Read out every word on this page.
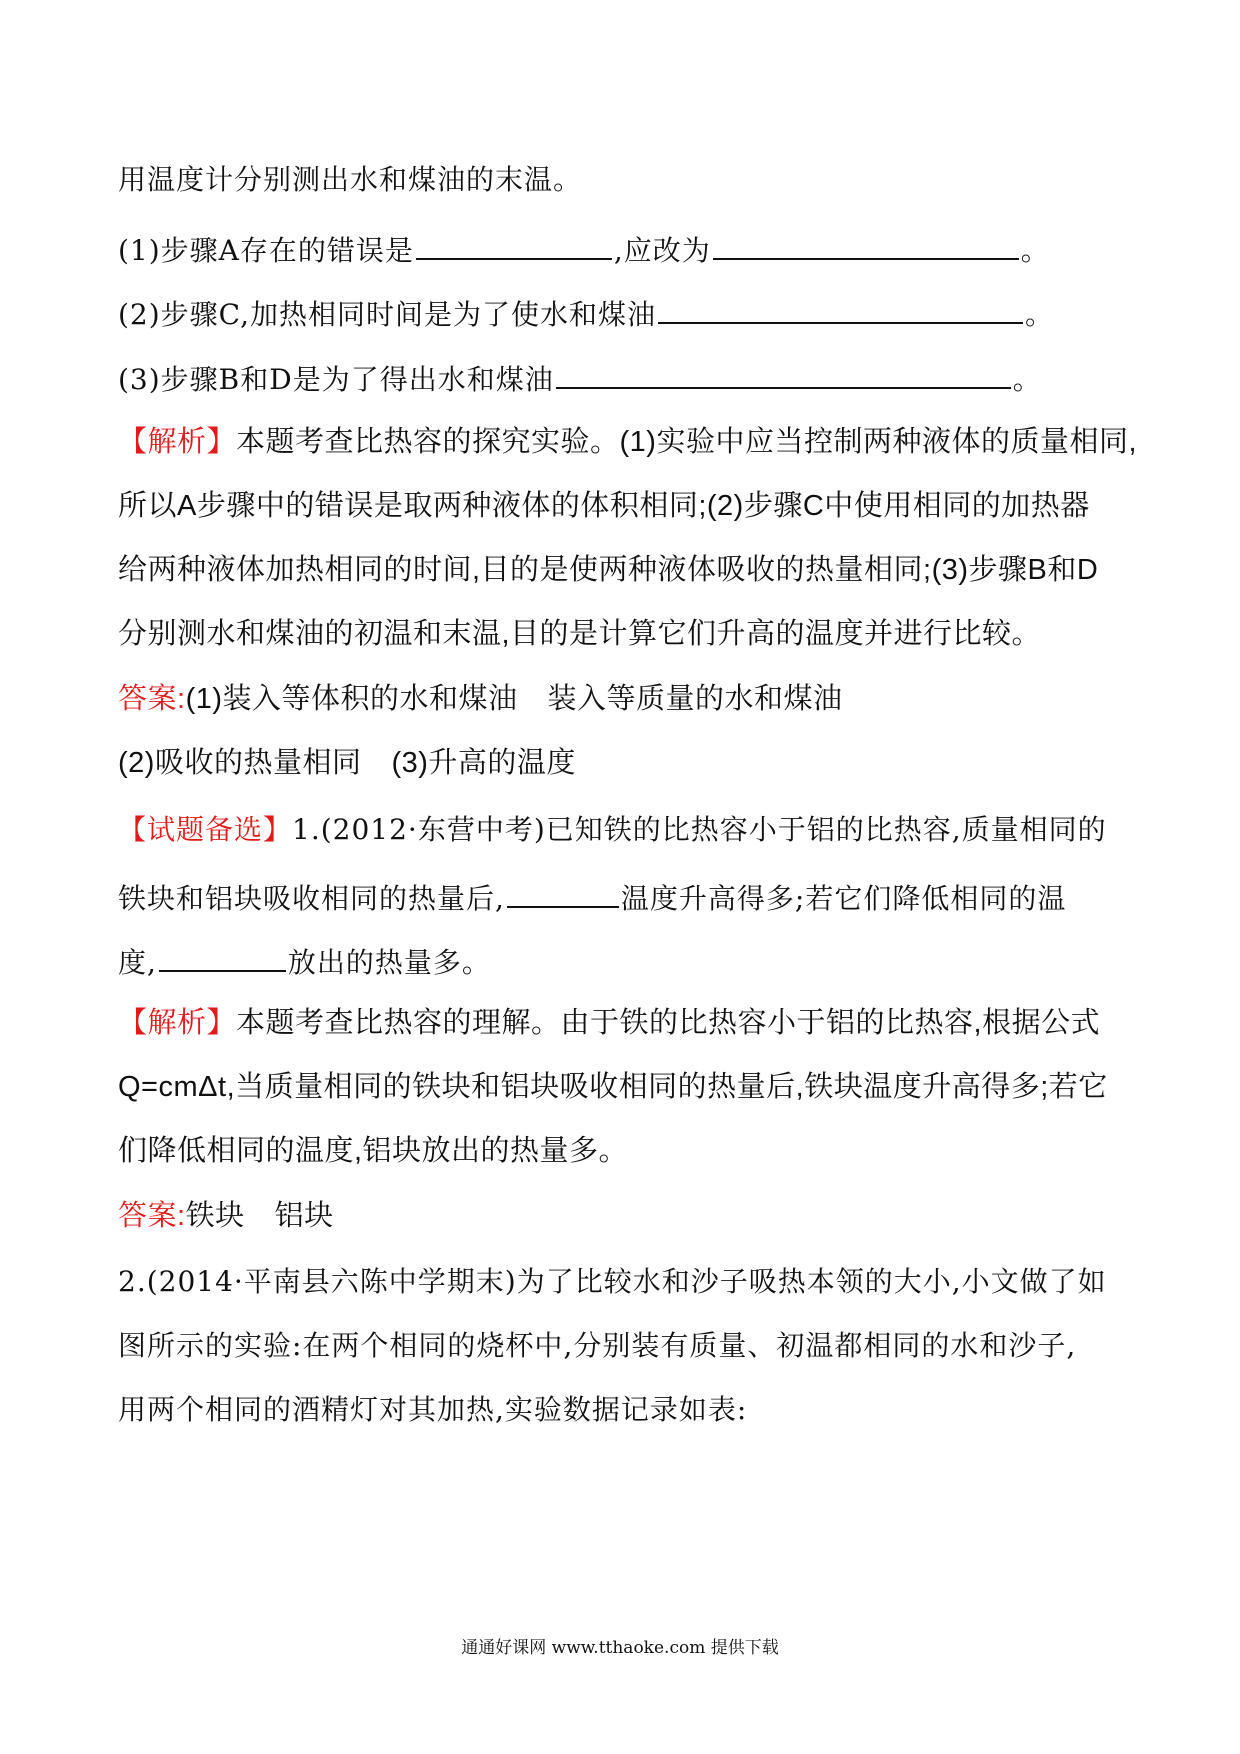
用温度计分别测出水和煤油的末温。
(1)步骤A存在的错误是	,应改为	。
(2)步骤C,加热相同时间是为了使水和煤油	。
(3)步骤B和D是为了得出水和煤油	。
【解析】本题考查比热容的探究实验。(1)实验中应当控制两种液体的质量相同,
所以A步骤中的错误是取两种液体的体积相同;(2)步骤C中使用相同的加热器
给两种液体加热相同的时间,目的是使两种液体吸收的热量相同;(3)步骤B和D
分别测水和煤油的初温和末温,目的是计算它们升高的温度并进行比较。
答案:(1)装入等体积的水和煤油 装入等质量的水和煤油
(2)吸收的热量相同 (3)升高的温度
【试题备选】1.(2012·东营中考)已知铁的比热容小于铝的比热容,质量相同的
铁块和铝块吸收相同的热量后,	温度升高得多;若它们降低相同的温
度,	放出的热量多。
【解析】本题考查比热容的理解。由于铁的比热容小于铝的比热容,根据公式
Q=cmΔt,当质量相同的铁块和铝块吸收相同的热量后,铁块温度升高得多;若它
们降低相同的温度,铝块放出的热量多。
答案:铁块 铝块
2.(2014·平南县六陈中学期末)为了比较水和沙子吸热本领的大小,小文做了如
图所示的实验:在两个相同的烧杯中,分别装有质量、初温都相同的水和沙子,
用两个相同的酒精灯对其加热,实验数据记录如表:
通通好课网 www.tthaoke.com 提供下载
